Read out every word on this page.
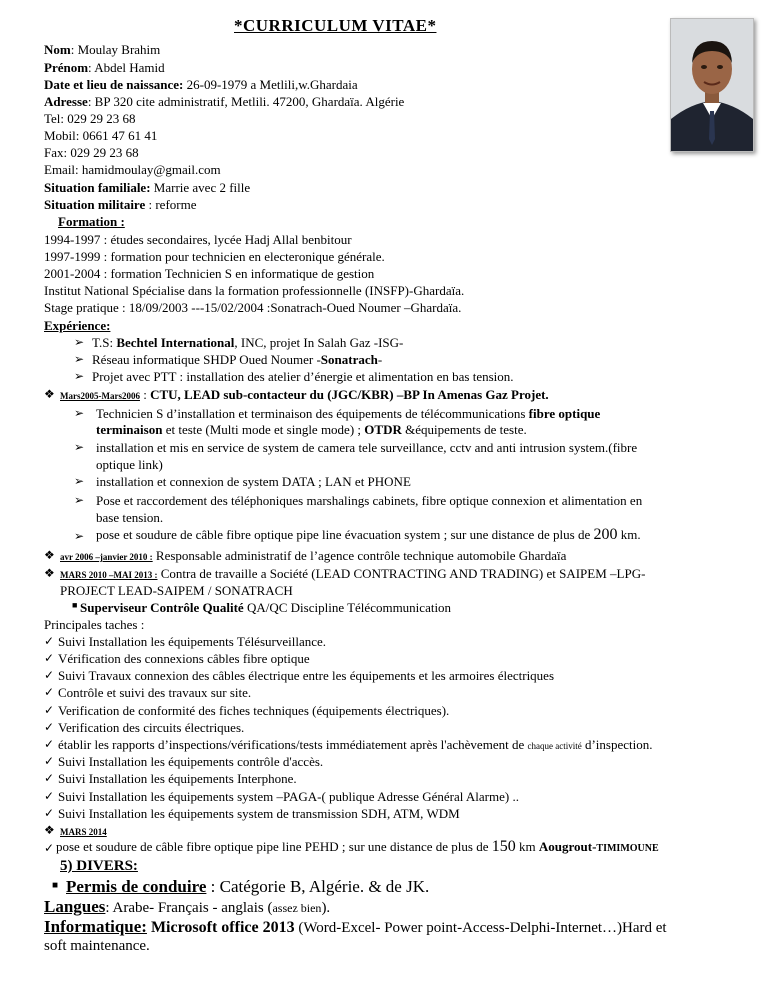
*CURRICULUM VITAE*
Nom: Moulay Brahim
Prénom: Abdel Hamid
Date et lieu de naissance: 26-09-1979 a Metlili,w.Ghardaia
Adresse: BP 320 cite administratif, Metlili. 47200, Ghardaïa. Algérie
Tel: 029 29 23 68
Mobil: 0661 47 61 41
Fax: 029 29 23 68
Email: hamidmoulay@gmail.com
Situation familiale: Marrie avec 2 fille
Situation militaire : reforme
Formation :
1994-1997 : études secondaires, lycée Hadj Allal benbitour
1997-1999 : formation pour technicien en electeronique générale.
2001-2004 : formation Technicien S en informatique de gestion
Institut National Spécialise dans la formation professionnelle (INSFP)-Ghardaïa.
Stage pratique : 18/09/2003 ---15/02/2004 :Sonatrach-Oued Noumer –Ghardaïa.
Expérience:
➢ T.S: Bechtel International, INC, projet In Salah Gaz -ISG-
➢ Réseau informatique SHDP Oued Noumer -Sonatrach-
➢ Projet avec PTT : installation des atelier d’énergie et alimentation en bas tension.
❖ Mars2005-Mars2006 : CTU, LEAD sub-contacteur du (JGC/KBR) –BP In Amenas Gaz Projet.
➢ Technicien S d’installation et terminaison des équipements de télécommunications fibre optique
terminaison et teste (Multi mode et single mode) ; OTDR &équipements de teste.
➢ installation et mis en service de system de camera tele surveillance, cctv and anti intrusion system.(fibre
optique link)
➢ installation et connexion de system DATA ; LAN et PHONE
➢ Pose et raccordement des téléphoniques marshalings cabinets, fibre optique connexion et alimentation en
base tension.
➢ pose et soudure de câble fibre optique pipe line évacuation system ; sur une distance de plus de 200 km.
❖ avr 2006 –janvier 2010 : Responsable administratif de l’agence contrôle technique automobile Ghardaïa
❖ MARS 2010 –MAI 2013 : Contra de travaille a Société (LEAD CONTRACTING AND TRADING) et SAIPEM –LPG-
PROJECT LEAD-SAIPEM / SONATRACH
■ Superviseur Contrôle Qualité QA/QC Discipline Télécommunication
Principales taches :
✓ Suivi Installation les équipements Télésurveillance.
✓ Vérification des connexions câbles fibre optique
✓ Suivi Travaux connexion des câbles électrique entre les équipements et les armoires électriques
✓ Contrôle et suivi des travaux sur site.
✓ Verification de conformité des fiches techniques (équipements électriques).
✓ Verification des circuits électriques.
✓ établir les rapports d’inspections/vérifications/tests immédiatement après l'achèvement de chaque activité d’inspection.
✓ Suivi Installation les équipements contrôle d'accès.
✓ Suivi Installation les équipements Interphone.
✓ Suivi Installation les équipements system –PAGA-( publique Adresse Général Alarme) ..
✓ Suivi Installation les équipements system de transmission SDH, ATM, WDM
❖ MARS 2014
✓ pose et soudure de câble fibre optique pipe line PEHD ; sur une distance de plus de 150 km Aougrout-TIMIMOUNE
5) DIVERS:
■ Permis de conduire : Catégorie B, Algérie. & de JK.
Langues: Arabe- Français - anglais (assez bien).
Informatique: Microsoft office 2013 (Word-Excel- Power point-Access-Delphi-Internet…)Hard et
soft maintenance.
